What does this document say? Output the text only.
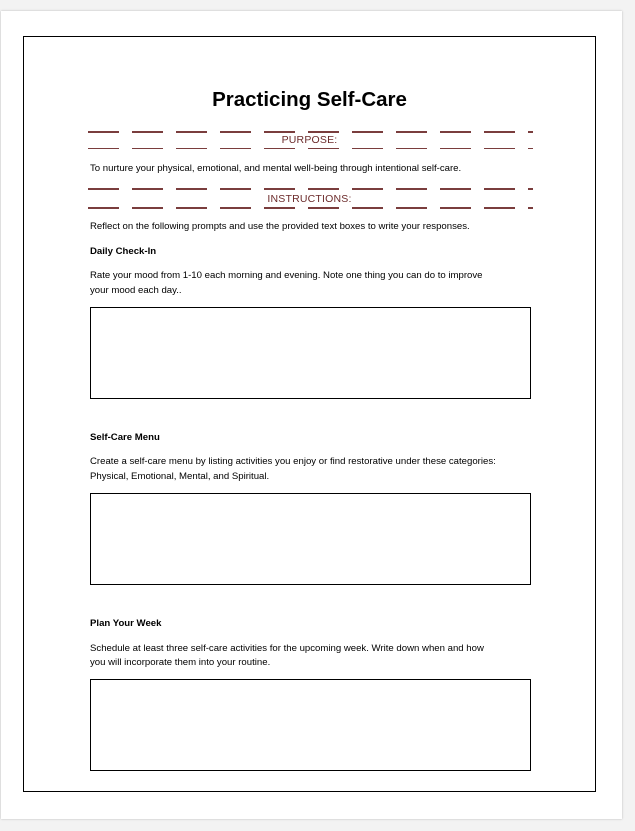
Practicing Self-Care
PURPOSE:
To nurture your physical, emotional, and mental well-being through intentional self-care.
INSTRUCTIONS:
Reflect on the following prompts and use the provided text boxes to write your responses.
Daily Check-In
Rate your mood from 1-10 each morning and evening. Note one thing you can do to improve
your mood each day..
Self-Care Menu
Create a self-care menu by listing activities you enjoy or find restorative under these categories:
Physical, Emotional, Mental, and Spiritual.
Plan Your Week
Schedule at least three self-care activities for the upcoming week. Write down when and how
you will incorporate them into your routine.
